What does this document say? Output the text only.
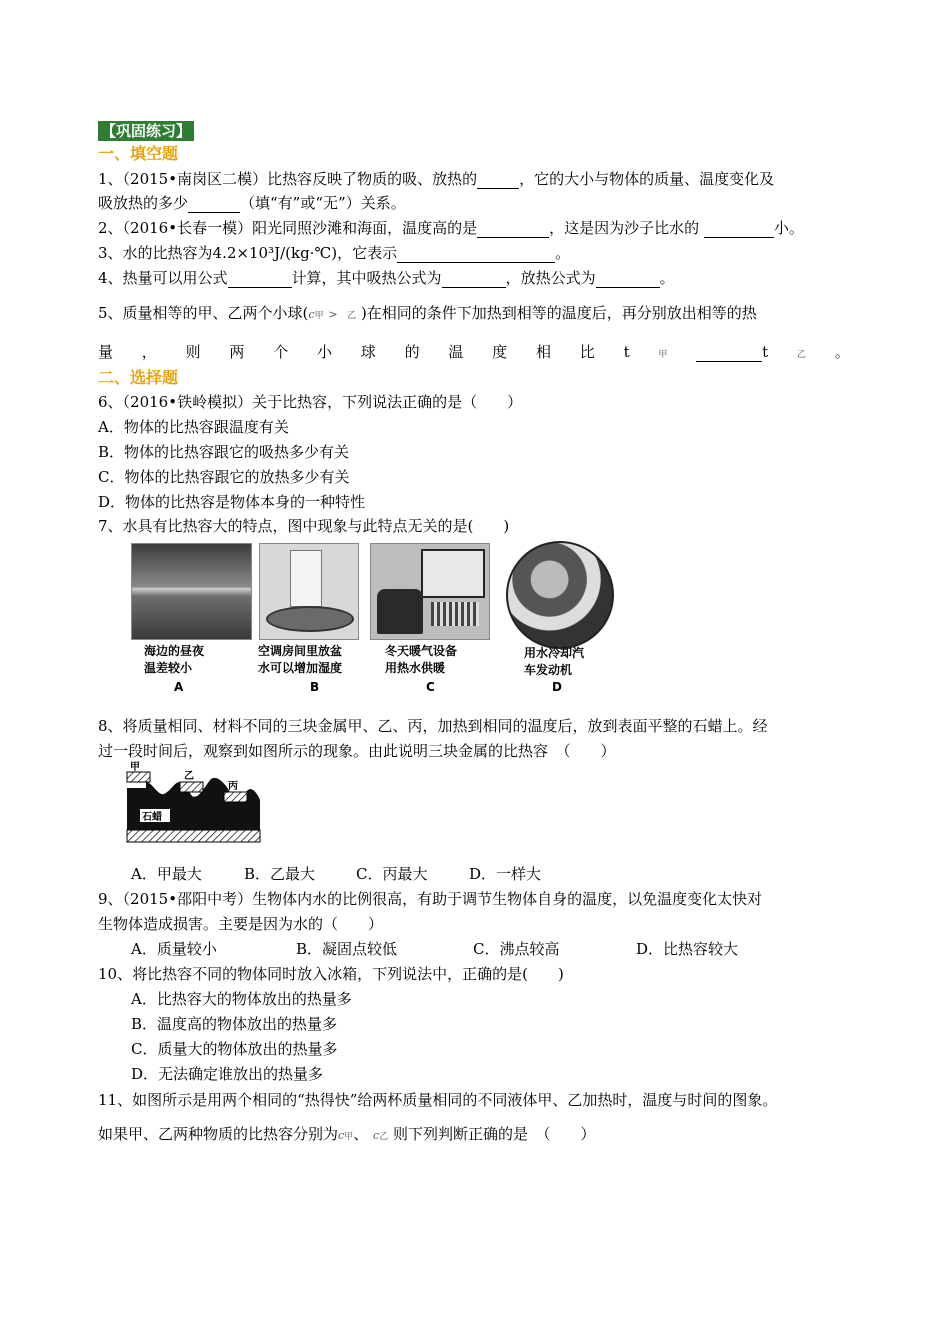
【巩固练习】
一、填空题
1、（2015•南岗区二模）比热容反映了物质的吸、放热的	，它的大小与物体的质量、温度变化及
吸放热的多少	（填“有”或“无”）关系。
2、（2016•长春一模）阳光同照沙滩和海面，温度高的是	，这是因为沙子比水的	小。
3、水的比热容为4.2×10³J/(kg·℃)，它表示	。
4、热量可以用公式	计算，其中吸热公式为	，放热公式为	。
5、质量相等的甲、乙两个小球(c甲 > 乙 )在相同的条件下加热到相等的温度后，再分别放出相等的热
量 ， 则 两 个 小 球 的 温 度 相 比 t	甲	t	乙 。
二、选择题
6、（2016•铁岭模拟）关于比热容，下列说法正确的是（　　）
A．物体的比热容跟温度有关
B．物体的比热容跟它的吸热多少有关
C．物体的比热容跟它的放热多少有关
D．物体的比热容是物体本身的一种特性
7、水具有比热容大的特点，图中现象与此特点无关的是(　　)
海边的昼夜
温差较小
A
空调房间里放盆
水可以增加湿度
B
冬天暖气设备
用热水供暖
C
用水冷却汽
车发动机
D
8、将质量相同、材料不同的三块金属甲、乙、丙，加热到相同的温度后，放到表面平整的石蜡上。经
过一段时间后，观察到如图所示的现象。由此说明三块金属的比热容　（　　）
甲
乙
丙
石蜡
A．甲最大	B．乙最大	C．丙最大	D．一样大
9、（2015•邵阳中考）生物体内水的比例很高，有助于调节生物体自身的温度，以免温度变化太快对
生物体造成损害。主要是因为水的（　　）
A．质量较小	B．凝固点较低	C．沸点较高	D．比热容较大
10、将比热容不同的物体同时放入冰箱，下列说法中，正确的是(　　)
A．比热容大的物体放出的热量多
B．温度高的物体放出的热量多
C．质量大的物体放出的热量多
D．无法确定谁放出的热量多
11、如图所示是用两个相同的“热得快”给两杯质量相同的不同液体甲、乙加热时，温度与时间的图象。
如果甲、乙两种物质的比热容分别为c甲、 c乙 则下列判断正确的是　（　　）
